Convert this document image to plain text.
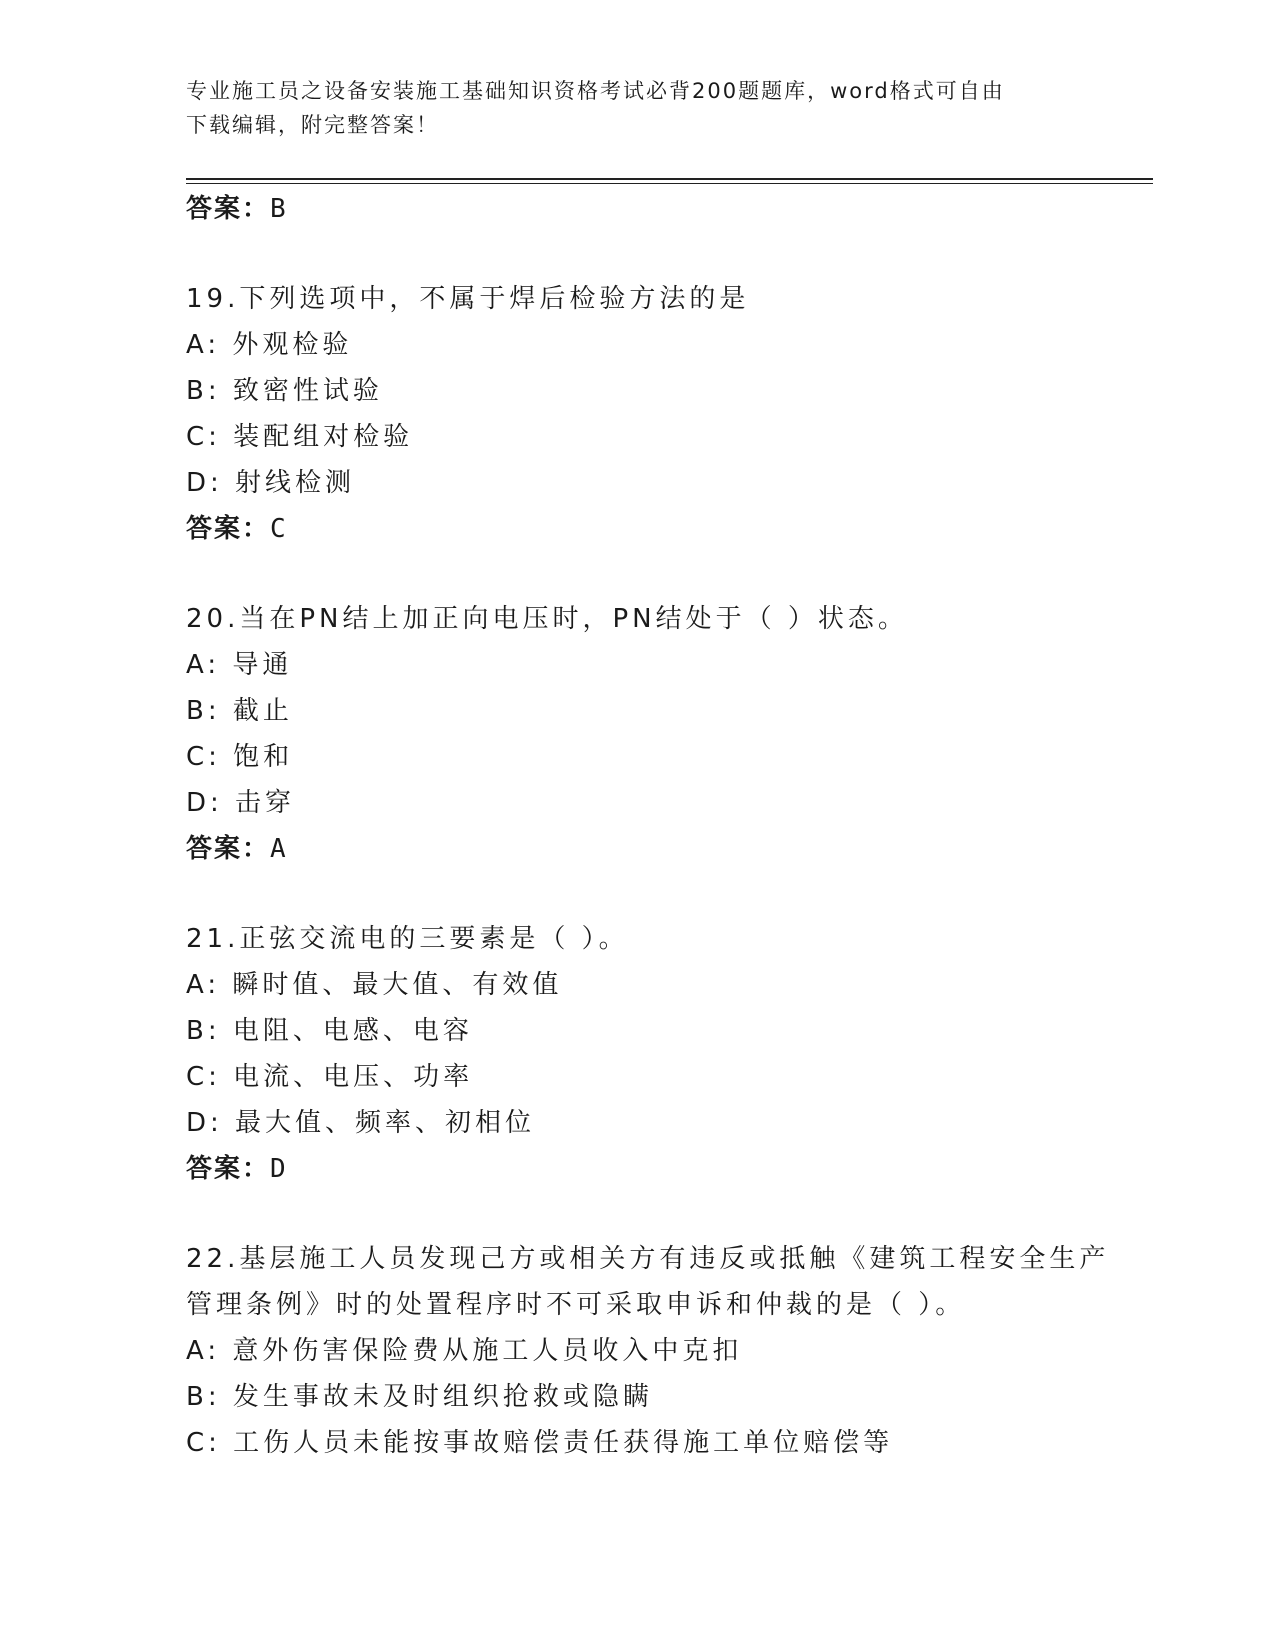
专业施工员之设备安装施工基础知识资格考试必背200题题库，word格式可自由
下载编辑，附完整答案！
答案：B
19.下列选项中，不属于焊后检验方法的是
A: 外观检验
B: 致密性试验
C: 装配组对检验
D: 射线检测
答案：C
20.当在PN结上加正向电压时，PN结处于（ ）状态。
A: 导通
B: 截止
C: 饱和
D: 击穿
答案：A
21.正弦交流电的三要素是（ ）。
A: 瞬时值、最大值、有效值
B: 电阻、电感、电容
C: 电流、电压、功率
D: 最大值、频率、初相位
答案：D
22.基层施工人员发现己方或相关方有违反或抵触《建筑工程安全生产
管理条例》时的处置程序时不可采取申诉和仲裁的是（ ）。
A: 意外伤害保险费从施工人员收入中克扣
B: 发生事故未及时组织抢救或隐瞒
C: 工伤人员未能按事故赔偿责任获得施工单位赔偿等
